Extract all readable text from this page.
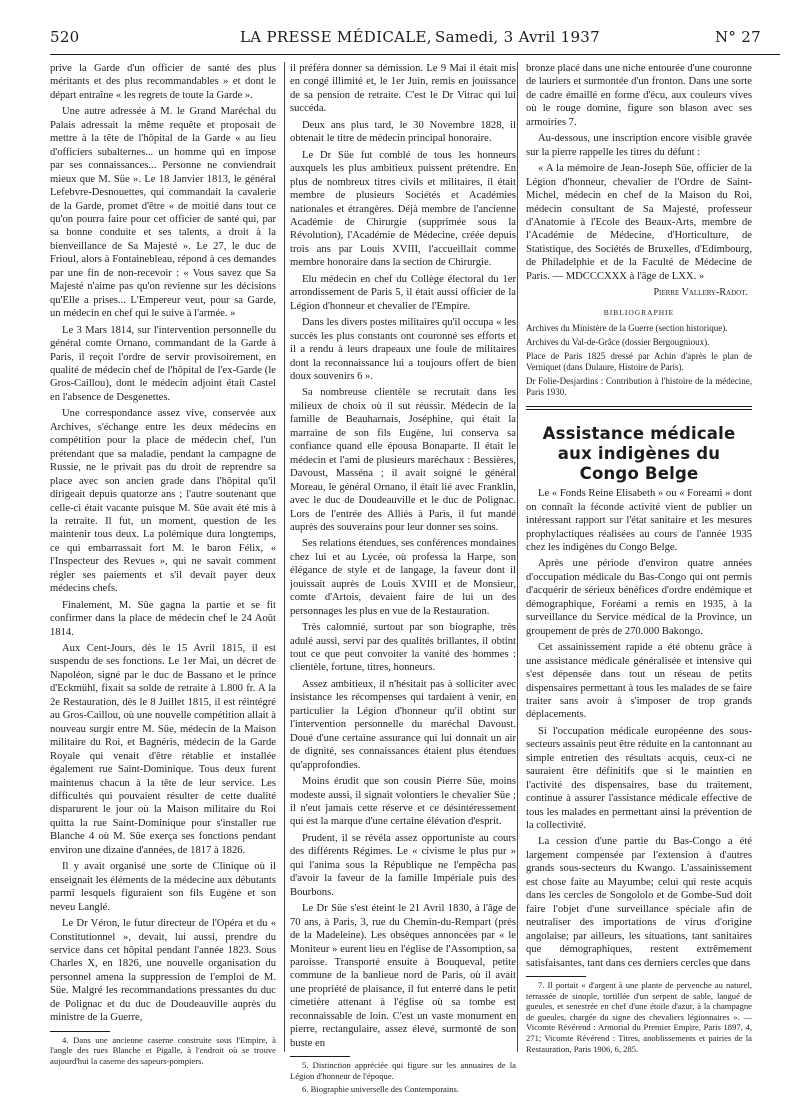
520	LA PRESSE MÉDICALE, Samedi, 3 Avril 1937	N° 27

prive la Garde d'un officier de santé des plus méritants et des plus recommandables » et dont le départ entraîne « les regrets de toute la Garde ».

Une autre adressée à M. le Grand Maréchal du Palais adressait la même requête et proposait de mettre à la tête de l'hôpital de la Garde « au lieu d'officiers subalternes... un homme qui en impose par ses connaissances... Personne ne conviendrait mieux que M. Süe ». Le 18 Janvier 1813, le général Lefebvre-Desnouettes, qui commandait la cavalerie de la Garde, promet d'être « de moitié dans tout ce qu'on pourra faire pour cet officier de santé qui, par sa bonne conduite et ses talents, a droit à la bienveillance de Sa Majesté ». Le 27, le duc de Frioul, alors à Fontainebleau, répond à ces demandes par une fin de non-recevoir : « Vous savez que Sa Majesté n'aime pas qu'on revienne sur les décisions qu'Elle a prises... L'Empereur veut, pour sa Garde, un médecin en chef qui le suive à l'armée. »

Le 3 Mars 1814, sur l'intervention personnelle du général comte Ornano, commandant de la Garde à Paris, il reçoit l'ordre de servir provisoirement, en qualité de médecin chef de l'hôpital de l'ex-Garde (le Gros-Caillou), dont le médecin adjoint était Castel en l'absence de Desgenettes.

Une correspondance assez vive, conservée aux Archives, s'échange entre les deux médecins en compétition pour la place de médecin chef, l'un prétendant que sa maladie, pendant la campagne de Russie, ne le privait pas du droit de reprendre sa place avec son ancien grade dans l'hôpital qu'il dirigeait depuis quatorze ans ; l'autre soutenant que celle-ci était vacante puisque M. Süe avait été mis à la retraite. Il fut, un moment, question de les maintenir tous deux. La polémique dura longtemps, ce qui embarrassait fort M. le baron Félix, « l'Inspecteur des Revues », qui ne savait comment régler ses paiements et s'il devait payer deux médecins chefs.

Finalement, M. Süe gagna la partie et se fit confirmer dans la place de médecin chef le 24 Août 1814.

Aux Cent-Jours, dès le 15 Avril 1815, il est suspendu de ses fonctions. Le 1er Mai, un décret de Napoléon, signé par le duc de Bassano et le prince d'Eckmühl, fixait sa solde de retraite à 1.800 fr. A la 2e Restauration, dès le 8 Juillet 1815, il est réintégré au Gros-Caillou, où une nouvelle compétition allait à nouveau surgir entre M. Süe, médecin de la Maison militaire du Roi, et Bagnéris, médecin de la Garde Royale qui venait d'être rétablie et installée également rue Saint-Dominique. Tous deux furent maintenus chacun à la tête de leur service. Les difficultés qui pouvaient résulter de cette dualité disparurent le jour où la Maison militaire du Roi quitta la rue Saint-Dominique pour s'installer rue Blanche 4 où M. Süe exerça ses fonctions pendant environ une dizaine d'années, de 1817 à 1826.

Il y avait organisé une sorte de Clinique où il enseignait les éléments de la médecine aux débutants parmi lesquels figuraient son fils Eugène et son neveu Langlé.

Le Dr Véron, le futur directeur de l'Opéra et du « Constitutionnel », devait, lui aussi, prendre du service dans cet hôpital pendant l'année 1823. Sous Charles X, en 1826, une nouvelle organisation du personnel amena la suppression de l'emploi de M. Süe. Malgré les recommandations pressantes du duc de Polignac et du duc de Doudeauville auprès du ministre de la Guerre,

4. Dans une ancienne caserne construite sous l'Empire, à l'angle des rues Blanche et Pigalle, à l'endroit où se trouve aujourd'hui la caserne des sapeurs-pompiers.

il préféra donner sa démission. Le 9 Mai il était mis en congé illimité et, le 1er Juin, remis en jouissance de sa pension de retraite. C'est le Dr Vitrac qui lui succéda.

Deux ans plus tard, le 30 Novembre 1828, il obtenait le titre de médecin principal honoraire.

Le Dr Süe fut comblé de tous les honneurs auxquels les plus ambitieux puissent prétendre. En plus de nombreux titres civils et militaires, il était membre de plusieurs Sociétés et Académies nationales et étrangères. Déjà membre de l'ancienne Académie de Chirurgie (supprimée sous la Révolution), l'Académie de Médecine, créée depuis trois ans par Louis XVIII, l'accueillait comme membre honoraire dans la section de Chirurgie.

Elu médecin en chef du Collège électoral du 1er arrondissement de Paris 5, il était aussi officier de la Légion d'honneur et chevalier de l'Empire.

Dans les divers postes militaires qu'il occupa « les succès les plus constants ont couronné ses efforts et il a rendu à leurs drapeaux une foule de militaires dont la reconnaissance lui a toujours offert de bien doux souvenirs 6 ».

Sa nombreuse clientèle se recrutait dans les milieux de choix où il sut réussir. Médecin de la famille de Beauharnais, Joséphine, qui était la marraine de son fils Eugène, lui conserva sa confiance quand elle épousa Bonaparte. Il était le médecin et l'ami de plusieurs maréchaux : Bessières, Davoust, Masséna ; il avait soigné le général Moreau, le général Ornano, il était lié avec Franklin, avec le duc de Doudeauville et le duc de Polignac. Lors de l'entrée des Alliés à Paris, il fut mandé auprès des souverains pour leur donner ses soins.

Ses relations étendues, ses conférences mondaines chez lui et au Lycée, où professa la Harpe, son élégance de style et de langage, la faveur dont il jouissait auprès de Louis XVIII et de Monsieur, comte d'Artois, devaient faire de lui un des personnages les plus en vue de la Restauration.

Très calomnié, surtout par son biographe, très adulé aussi, servi par des qualités brillantes, il obtint tout ce que peut convoiter la vanité des hommes : clientèle, fortune, titres, honneurs.

Assez ambitieux, il n'hésitait pas à solliciter avec insistance les récompenses qui tardaient à venir, en particulier la Légion d'honneur qu'il obtint sur l'intervention personnelle du maréchal Davoust. Doué d'une certaine assurance qui lui donnait un air de dignité, ses connaissances étaient plus étendues qu'approfondies.

Moins érudit que son cousin Pierre Süe, moins modeste aussi, il signait volontiers le chevalier Süe ; il n'eut jamais cette réserve et ce désintéressement qui est la marque d'une certaine élévation d'esprit.

Prudent, il se révéla assez opportuniste au cours des différents Régimes. Le « civisme le plus pur » qui l'anima sous la République ne l'empêcha pas d'avoir la faveur de la famille Impériale puis des Bourbons.

Le Dr Süe s'est éteint le 21 Avril 1830, à l'âge de 70 ans, à Paris, 3, rue du Chemin-du-Rempart (près de la Madeleine). Les obsèques annoncées par « le Moniteur » eurent lieu en l'église de l'Assomption, sa paroisse. Transporté ensuite à Bouqueval, petite commune de la banlieue nord de Paris, où il avait une propriété de plaisance, il fut enterré dans le petit cimetière attenant à l'église où sa tombe est reconnaissable de loin. C'est un vaste monument en pierre, rectangulaire, assez élevé, surmonté de son buste en

5. Distinction appréciée qui figure sur les annuaires de la Légion d'honneur de l'époque.

6. Biographie universelle des Contemporains.

bronze placé dans une niche entourée d'une couronne de lauriers et surmontée d'un fronton. Dans une sorte de cadre émaillé en forme d'écu, aux couleurs vives où le rouge domine, figure son blason avec ses armoiries 7.

Au-dessous, une inscription encore visible gravée sur la pierre rappelle les titres du défunt :

« A la mémoire de Jean-Joseph Süe, officier de la Légion d'honneur, chevalier de l'Ordre de Saint-Michel, médecin en chef de la Maison du Roi, médecin consultant de Sa Majesté, professeur d'Anatomie à l'Ecole des Beaux-Arts, membre de l'Académie de Médecine, d'Horticulture, de Statistique, des Sociétés de Bruxelles, d'Edimbourg, de Philadelphie et de la Faculté de Médecine de Paris. — MDCCCXXX à l'âge de LXX. »

Pierre Vallery-Radot.
BIBLIOGRAPHIE

Archives du Ministère de la Guerre (section historique).

Archives du Val-de-Grâce (dossier Bergougnioux).

Place de Paris 1825 dressé par Achin d'après le plan de Verniquet (dans Dulaure, Histoire de Paris).

Dr Folie-Desjardins : Contribution à l'histoire de la médecine, Paris 1930.

Assistance médicale aux indigènes du Congo Belge

Le « Fonds Reine Elisabeth » ou « Foreami » dont on connaît la féconde activité vient de publier un intéressant rapport sur l'état sanitaire et les mesures prophylactiques réalisées au cours de l'année 1935 chez les indigènes du Congo Belge.

Après une période d'environ quatre années d'occupation médicale du Bas-Congo qui ont permis d'acquérir de sérieux bénéfices d'ordre endémique et démographique, Foréami a remis en 1935, à la surveillance du Service médical de la Province, un groupement de près de 270.000 Bakongo.

Cet assainissement rapide a été obtenu grâce à une assistance médicale généralisée et intensive qui s'est dépensée dans tout un réseau de petits dispensaires permettant à tous les malades de se faire traiter sans avoir à s'imposer de trop grands déplacements.

Si l'occupation médicale européenne des sous-secteurs assainis peut être réduite en la cantonnant au simple entretien des résultats acquis, ceux-ci ne sauraient être définitifs que si le maintien en l'activité des dispensaires, base du traitement, continue à assurer l'assistance médicale effective de tous les malades en permettant ainsi la prévention de la collectivité.

La cession d'une partie du Bas-Congo a été largement compensée par l'extension à d'autres grands sous-secteurs du Kwango. L'assainissement est chose faite au Mayumbe; celui qui reste acquis dans les cercles de Songololo et de Gombe-Sud doit faire l'objet d'une surveillance spéciale afin de neutraliser des importations de virus d'origine angolaise; par ailleurs, les situations, tant sanitaires que démographiques, restent extrêmement satisfaisantes, tant dans ces derniers cercles que dans

7. Il portait « d'argent à une plante de pervenche au naturel, terrassée de sinople, tortillée d'un serpent de sable, langué de gueules, et senestrée en chef d'une étoile d'azur, à la champagne de gueules, chargée du signe des chevaliers légionnaires ». — Vicomte Révérend : Armorial du Premier Empire, Paris 1897, 4, 271; Vicomte Révérend : Titres, anoblissements et pairies de la Restauration, Paris 1906, 6, 285.
